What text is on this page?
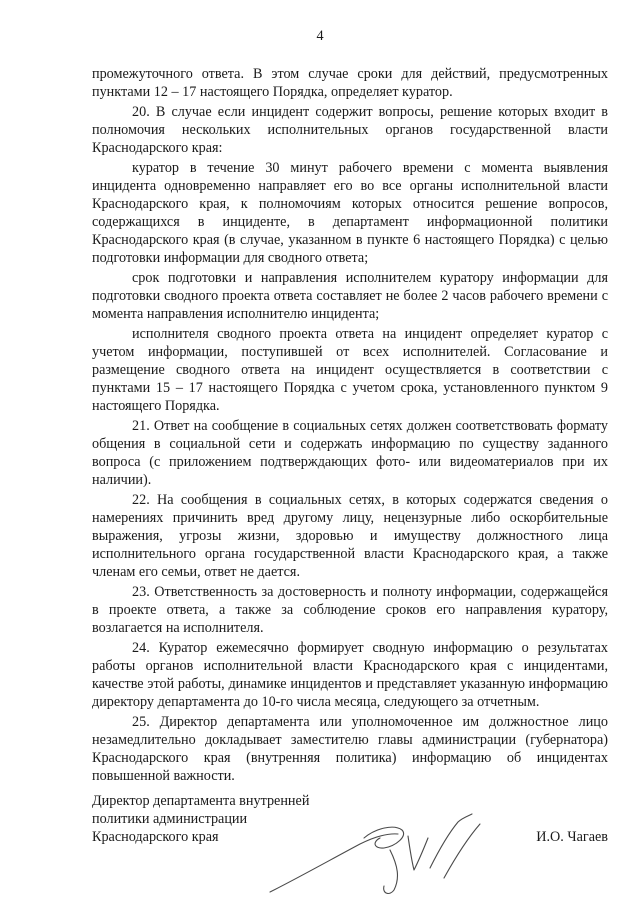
4

промежуточного ответа. В этом случае сроки для действий, предусмотренных пунктами 12 – 17 настоящего Порядка, определяет куратор.

20. В случае если инцидент содержит вопросы, решение которых входит в полномочия нескольких исполнительных органов государственной власти Краснодарского края:

куратор в течение 30 минут рабочего времени с момента выявления инцидента одновременно направляет его во все органы исполнительной власти Краснодарского края, к полномочиям которых относится решение вопросов, содержащихся в инциденте, в департамент информационной политики Краснодарского края (в случае, указанном в пункте 6 настоящего Порядка) с целью подготовки информации для сводного ответа;

срок подготовки и направления исполнителем куратору информации для подготовки сводного проекта ответа составляет не более 2 часов рабочего времени с момента направления исполнителю инцидента;

исполнителя сводного проекта ответа на инцидент определяет куратор с учетом информации, поступившей от всех исполнителей. Согласование и размещение сводного ответа на инцидент осуществляется в соответствии с пунктами 15 – 17 настоящего Порядка с учетом срока, установленного пунктом 9 настоящего Порядка.

21. Ответ на сообщение в социальных сетях должен соответствовать формату общения в социальной сети и содержать информацию по существу заданного вопроса (с приложением подтверждающих фото- или видеоматериалов при их наличии).

22. На сообщения в социальных сетях, в которых содержатся сведения о намерениях причинить вред другому лицу, нецензурные либо оскорбительные выражения, угрозы жизни, здоровью и имуществу должностного лица исполнительного органа государственной власти Краснодарского края, а также членам его семьи, ответ не дается.

23. Ответственность за достоверность и полноту информации, содержащейся в проекте ответа, а также за соблюдение сроков его направления куратору, возлагается на исполнителя.

24. Куратор ежемесячно формирует сводную информацию о результатах работы органов исполнительной власти Краснодарского края с инцидентами, качестве этой работы, динамике инцидентов и представляет указанную информацию директору департамента до 10-го числа месяца, следующего за отчетным.

25. Директор департамента или уполномоченное им должностное лицо незамедлительно докладывает заместителю главы администрации (губернатора) Краснодарского края (внутренняя политика) информацию об инцидентах повышенной важности.

Директор департамента внутренней
политики администрации
Краснодарского края	И.О. Чагаев
